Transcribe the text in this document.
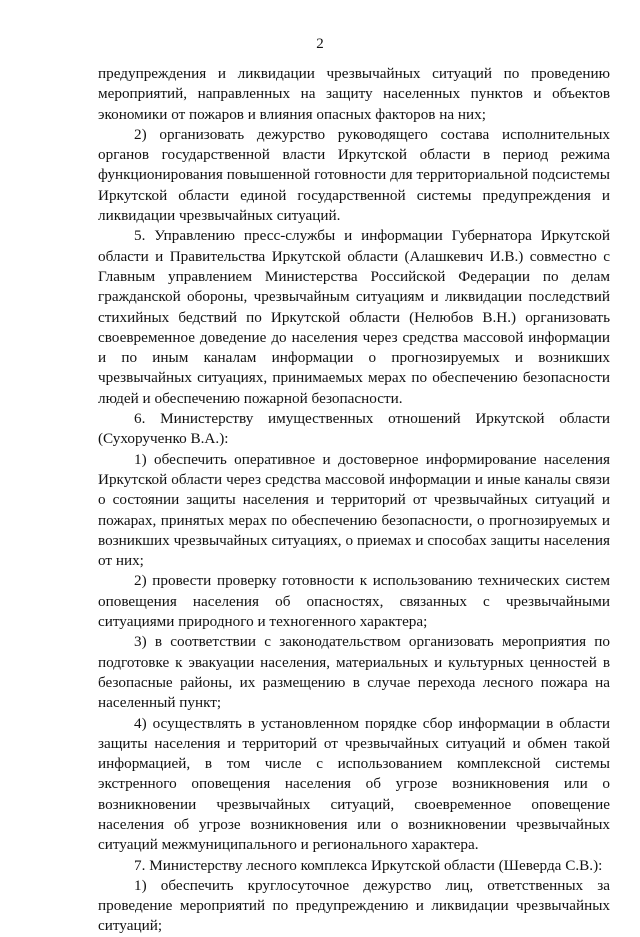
2

предупреждения и ликвидации чрезвычайных ситуаций по проведению мероприятий, направленных на защиту населенных пунктов и объектов экономики от пожаров и влияния опасных факторов на них;

2) организовать дежурство руководящего состава исполнительных органов государственной власти Иркутской области в период режима функционирования повышенной готовности для территориальной подсистемы Иркутской области единой государственной системы предупреждения и ликвидации чрезвычайных ситуаций.

5. Управлению пресс-службы и информации Губернатора Иркутской области и Правительства Иркутской области (Алашкевич И.В.) совместно с Главным управлением Министерства Российской Федерации по делам гражданской обороны, чрезвычайным ситуациям и ликвидации последствий стихийных бедствий по Иркутской области (Нелюбов В.Н.) организовать своевременное доведение до населения через средства массовой информации и по иным каналам информации о прогнозируемых и возникших чрезвычайных ситуациях, принимаемых мерах по обеспечению безопасности людей и обеспечению пожарной безопасности.

6. Министерству имущественных отношений Иркутской области (Сухорученко В.А.):

1) обеспечить оперативное и достоверное информирование населения Иркутской области через средства массовой информации и иные каналы связи о состоянии защиты населения и территорий от чрезвычайных ситуаций и пожарах, принятых мерах по обеспечению безопасности, о прогнозируемых и возникших чрезвычайных ситуациях, о приемах и способах защиты населения от них;

2) провести проверку готовности к использованию технических систем оповещения населения об опасностях, связанных с чрезвычайными ситуациями природного и техногенного характера;

3) в соответствии с законодательством организовать мероприятия по подготовке к эвакуации населения, материальных и культурных ценностей в безопасные районы, их размещению в случае перехода лесного пожара на населенный пункт;

4) осуществлять в установленном порядке сбор информации в области защиты населения и территорий от чрезвычайных ситуаций и обмен такой информацией, в том числе с использованием комплексной системы экстренного оповещения населения об угрозе возникновения или о возникновении чрезвычайных ситуаций, своевременное оповещение населения об угрозе возникновения или о возникновении чрезвычайных ситуаций межмуниципального и регионального характера.

7. Министерству лесного комплекса Иркутской области (Шеверда С.В.):

1) обеспечить круглосуточное дежурство лиц, ответственных за проведение мероприятий по предупреждению и ликвидации чрезвычайных ситуаций;
